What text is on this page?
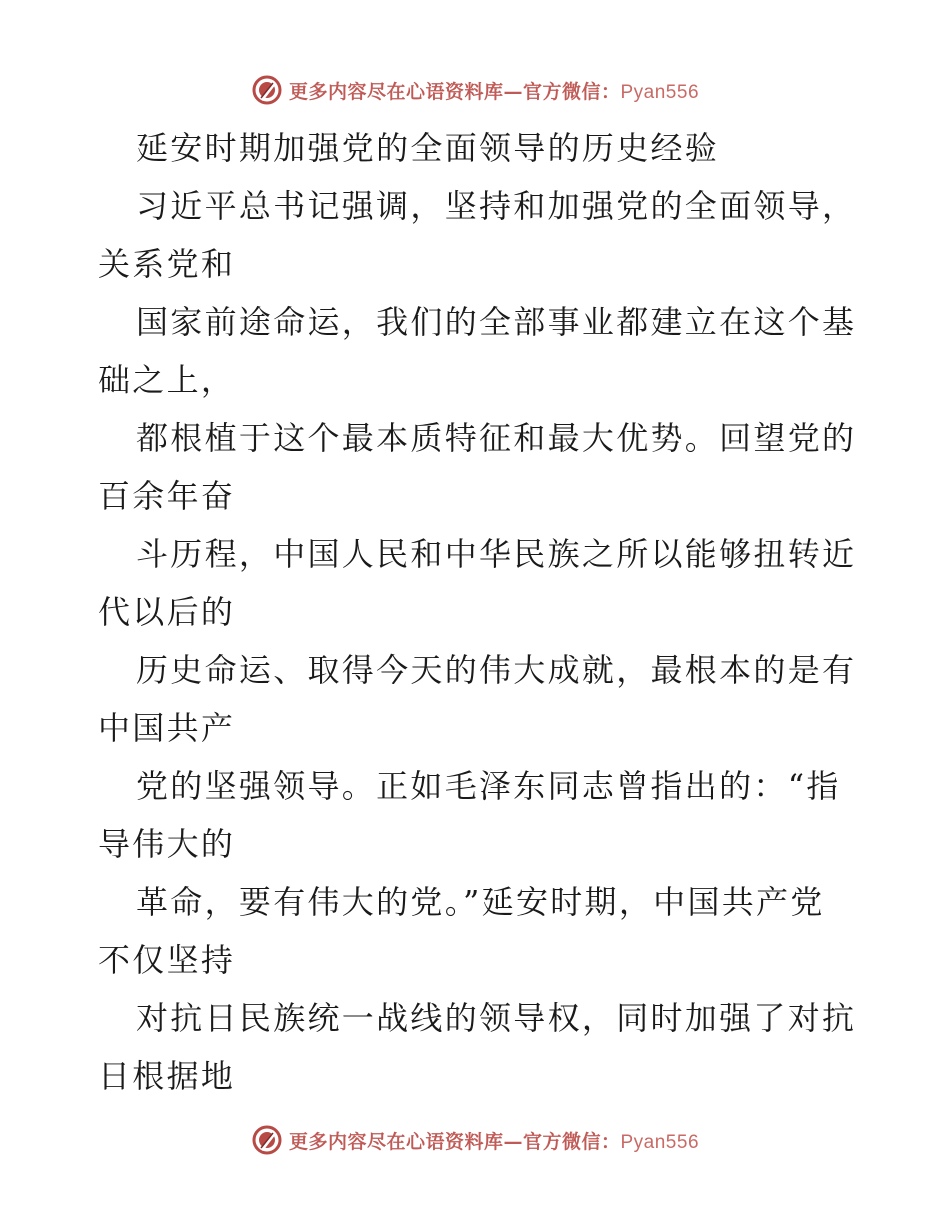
更多内容尽在心语资料库—官方微信：Pyan556
延安时期加强党的全面领导的历史经验
习近平总书记强调，坚持和加强党的全面领导，
关系党和
国家前途命运，我们的全部事业都建立在这个基
础之上，
都根植于这个最本质特征和最大优势。回望党的
百余年奋
斗历程，中国人民和中华民族之所以能够扭转近
代以后的
历史命运、取得今天的伟大成就，最根本的是有
中国共产
党的坚强领导。正如毛泽东同志曾指出的：“指
导伟大的
革命，要有伟大的党。”延安时期，中国共产党
不仅坚持
对抗日民族统一战线的领导权，同时加强了对抗
日根据地
更多内容尽在心语资料库—官方微信：Pyan556
